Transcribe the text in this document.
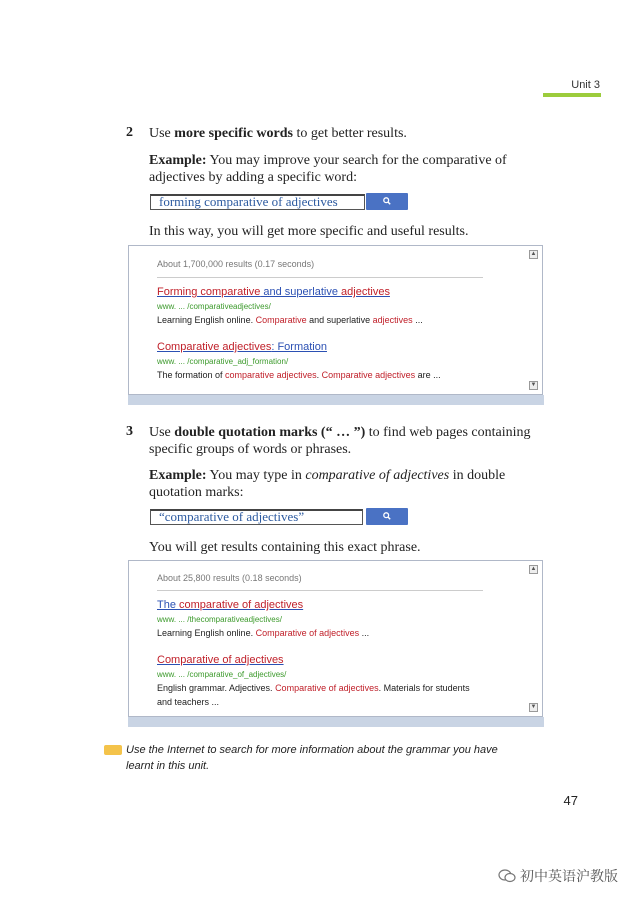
Unit 3
2 Use more specific words to get better results.
Example: You may improve your search for the comparative of
adjectives by adding a specific word:
forming comparative of adjectives
In this way, you will get more specific and useful results.
About 1,700,000 results (0.17 seconds)
Forming comparative and superlative adjectives
www. ... /comparativeadjectives/
Learning English online. Comparative and superlative adjectives ...
Comparative adjectives: Formation
www. ... /comparative_adj_formation/
The formation of comparative adjectives. Comparative adjectives are ...
▲
▼
3 Use double quotation marks (“ … ”) to find web pages containing
specific groups of words or phrases.
Example: You may type in comparative of adjectives in double
quotation marks:
“comparative of adjectives”
You will get results containing this exact phrase.
About 25,800 results (0.18 seconds)
The comparative of adjectives
www. ... /thecomparativeadjectives/
Learning English online. Comparative of adjectives ...
Comparative of adjectives
www. ... /comparative_of_adjectives/
English grammar. Adjectives. Comparative of adjectives. Materials for students
and teachers ...
▲
▼
Use the Internet to search for more information about the grammar you have
learnt in this unit.
47
初中英语沪教版
